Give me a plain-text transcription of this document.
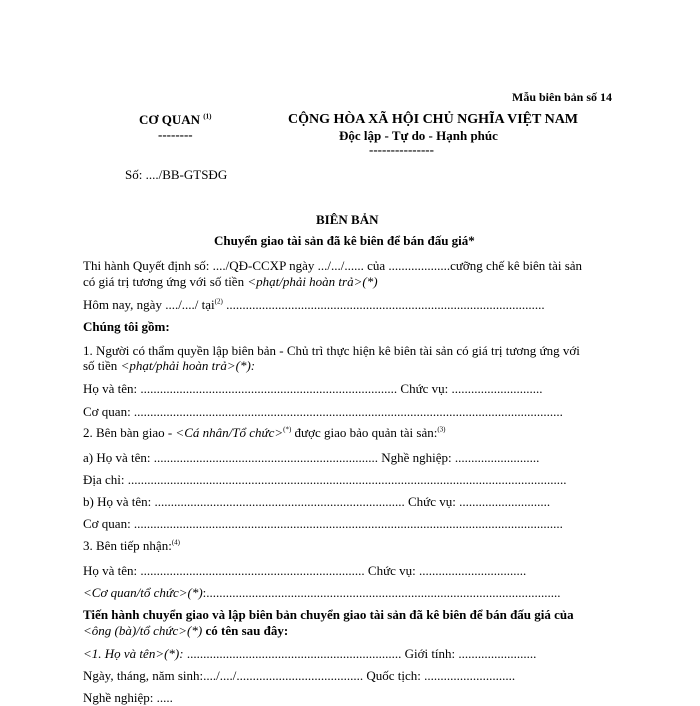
Mẫu biên bản số 14
CƠ QUAN $^{(1)}$
--------
CỘNG HÒA XÃ HỘI CHỦ NGHĨA VIỆT NAM
Độc lập - Tự do - Hạnh phúc
---------------
Số: ..../BB-GTSĐG
BIÊN BẢN
Chuyển giao tài sản đã kê biên để bán đấu giá*
Thi hành Quyết định số: ..../QĐ-CCXP ngày .../.../...... của ...................cưỡng chế kê biên tài sản
có giá trị tương ứng với số tiền <phạt/phải hoàn trả>(*)
Hôm nay, ngày ..../..../ tại$^{(2)}$ ..................................................................................................
Chúng tôi gồm:
1. Người có thẩm quyền lập biên bản - Chủ trì thực hiện kê biên tài sản có giá trị tương ứng với
số tiền <phạt/phải hoàn trả>(*):
Họ và tên: ............................................................................... Chức vụ: ............................
Cơ quan: ....................................................................................................................................
2. Bên bàn giao - <Cá nhân/Tổ chức>(*) được giao bảo quản tài sản:$^{(3)}$
a) Họ và tên: ..................................................................... Nghề nghiệp: ..........................
Địa chỉ: .......................................................................................................................................
b) Họ và tên: ............................................................................. Chức vụ: ............................
Cơ quan: ....................................................................................................................................
3. Bên tiếp nhận:$^{(4)}$
Họ và tên: ..................................................................... Chức vụ: .................................
<Cơ quan/tổ chức>(*):.............................................................................................................
Tiến hành chuyển giao và lập biên bản chuyển giao tài sản đã kê biên để bán đấu giá của
<ông (bà)/tổ chức>(*) có tên sau đây:
<1. Họ và tên>(*): .................................................................. Giới tính: ........................
Ngày, tháng, năm sinh:..../..../....................................... Quốc tịch: ............................
Nghề nghiệp: .....
